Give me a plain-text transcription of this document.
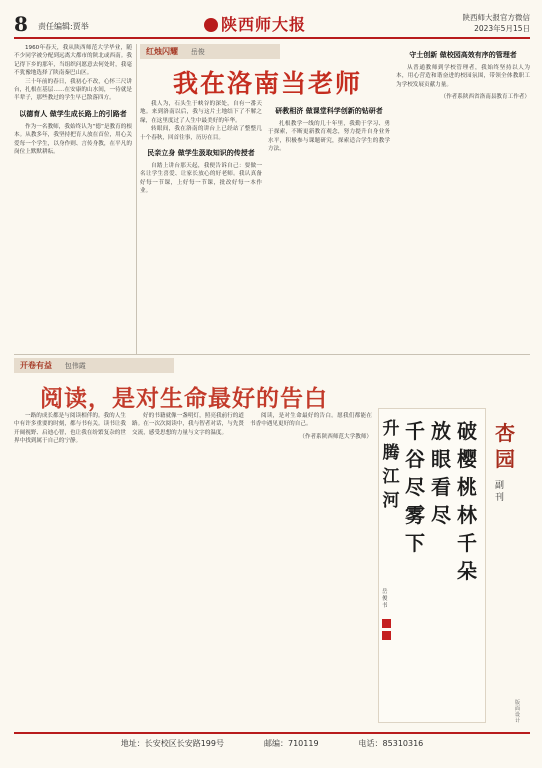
8 责任编辑:贾举	陕西师大报	陕西师大报官方微信
2023年5月15日

1960年春天，我从陕西师范大学毕业，随不少同学被分配到远离大都市的陕北或西南。我记得下乡的那年，当组织问愿意去何处时，我毫不犹豫地选择了陕南秦巴山区。

三十年前的春日，我初心不改，心怀三尺讲台，扎根在基层……在安康的山水间，一待就是半辈子，那些教过的学生早已散落四方。

以德育人 做学生成长路上的引路者

作为一名教师，我始终认为“德”是教育的根本。从教多年，我坚持把育人放在首位，用心关爱每一个学生，以身作则、言传身教，在平凡的岗位上默默耕耘。

红烛闪耀 岳俊
我在洛南当老师

我人为，石头生于峡谷的深处，自有一番天地。来到洛南以后，我与这片土地结下了不解之缘，在这里度过了人生中最美好的年华。

转眼间，我在洛南的讲台上已经站了整整几十个春秋，回首往事，历历在目。

民亲立身 做学生汲取知识的传授者

自踏上讲台那天起，我便告诉自己：要做一名让学生喜爱、让家长放心的好老师。我认真备好每一节课，上好每一节课，批改好每一本作业。

研教相济 做课堂科学创新的钻研者

扎根教学一线的几十年里，我勤于学习、勇于探索，不断更新教育观念，努力提升自身业务水平，积极参与课题研究，探索适合学生的教学方法。

守土创新 做校园高效有序的管理者

从普通教师到学校管理者，我始终坚持以人为本，用心营造和谐奋进的校园氛围，带领全体教职工为学校发展贡献力量。

（作者系陕西省洛南县教育工作者）
开卷有益 包伟霞
阅读，是对生命最好的告白

一路的成长都是与阅读相伴的。我的人生中有许多重要的时刻，都与书有关。读书让我开阔视野、启迪心智，也让我在纷繁复杂的世界中找到属于自己的宁静。

好的书籍就像一盏明灯，照亮我前行的道路。在一次次阅读中，我与智者对话，与先贤交流，感受思想的力量与文字的温度。

阅读，是对生命最好的告白。愿我们都能在书香中遇见更好的自己。

（作者系陕西师范大学教师）	破樱桃林千朵
放眼看尽
千谷尽雾下
升腾江河
岳俊书
杏园
副刊
版面设计
地址：长安校区长安路199号	邮编：710119	电话：85310316
